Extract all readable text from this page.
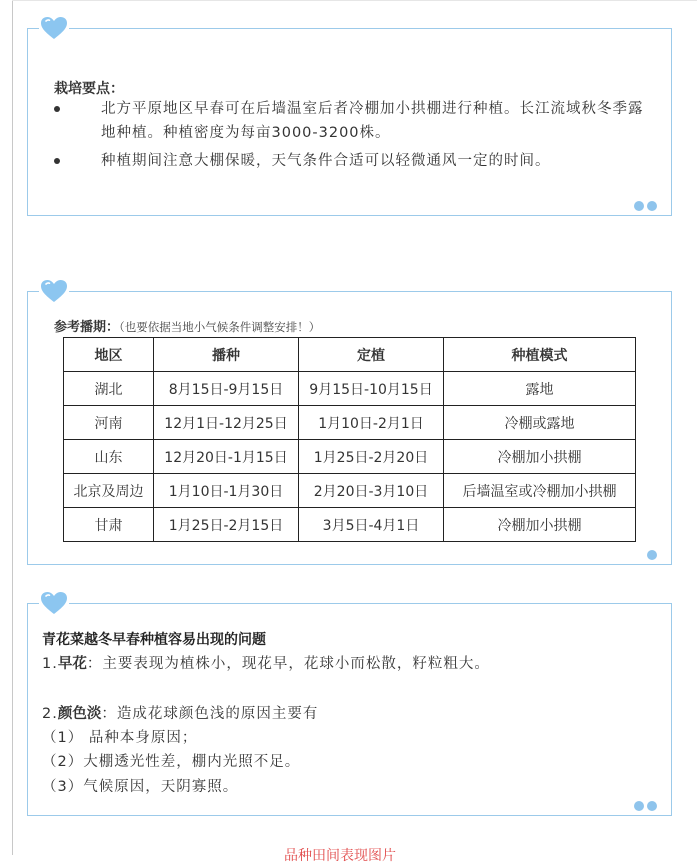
栽培要点：
北方平原地区早春可在后墙温室后者冷棚加小拱棚进行种植。长江流域秋冬季露地种植。种植密度为每亩3000-3200株。
种植期间注意大棚保暖，天气条件合适可以轻微通风一定的时间。
参考播期：（也要依据当地小气候条件调整安排！）
地区	播种	定植	种植模式
湖北	8月15日-9月15日	9月15日-10月15日	露地
河南	12月1日-12月25日	1月10日-2月1日	冷棚或露地
山东	12月20日-1月15日	1月25日-2月20日	冷棚加小拱棚
北京及周边	1月10日-1月30日	2月20日-3月10日	后墙温室或冷棚加小拱棚
甘肃	1月25日-2月15日	3月5日-4月1日	冷棚加小拱棚
青花菜越冬早春种植容易出现的问题
1.早花：主要表现为植株小，现花早，花球小而松散，籽粒粗大。
2.颜色淡：造成花球颜色浅的原因主要有
（1） 品种本身原因；
（2）大棚透光性差，棚内光照不足。
（3）气候原因，天阴寡照。
品种田间表现图片
